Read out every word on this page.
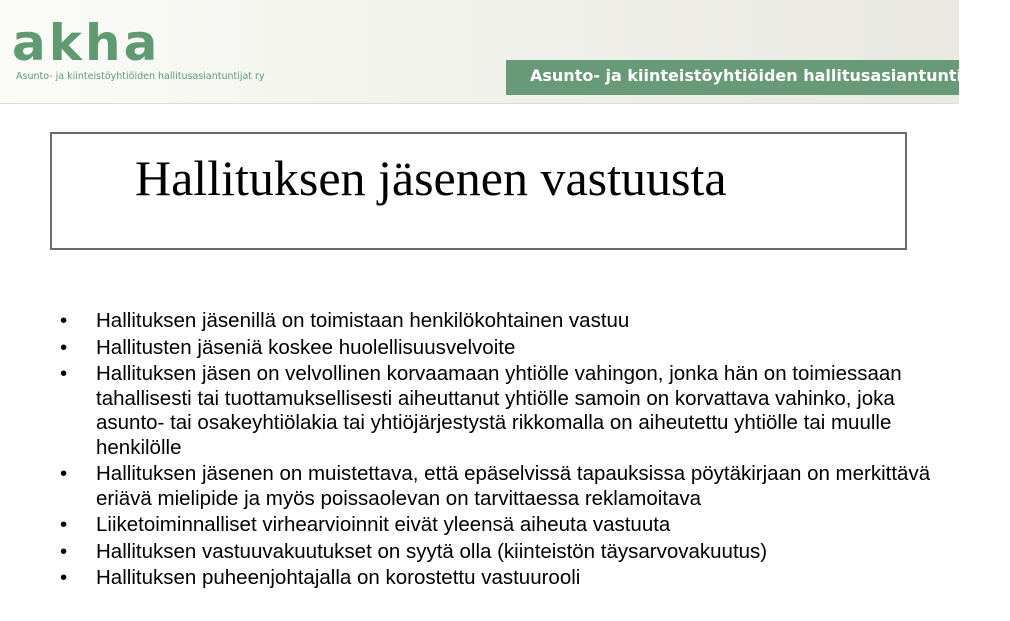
akha
Asunto- ja kiinteistöyhtiöiden hallitusasiantuntijat ry	Asunto- ja kiinteistöyhtiöiden hallitusasiantuntijat ry
Hallituksen jäsenen vastuusta
• Hallituksen jäsenillä on toimistaan henkilökohtainen vastuu
• Hallitusten jäseniä koskee huolellisuusvelvoite
• Hallituksen jäsen on velvollinen korvaamaan yhtiölle vahingon, jonka hän on toimiessaan tahallisesti tai tuottamuksellisesti aiheuttanut yhtiölle samoin on korvattava vahinko, joka asunto- tai osakeyhtiölakia tai yhtiöjärjestystä rikkomalla on aiheutettu yhtiölle tai muulle henkilölle
• Hallituksen jäsenen on muistettava, että epäselvissä tapauksissa pöytäkirjaan on merkittävä eriävä mielipide ja myös poissaolevan on tarvittaessa reklamoitava
• Liiketoiminnalliset virhearvioinnit eivät yleensä aiheuta vastuuta
• Hallituksen vastuuvakuutukset on syytä olla (kiinteistön täysarvovakuutus)
• Hallituksen puheenjohtajalla on korostettu vastuurooli
